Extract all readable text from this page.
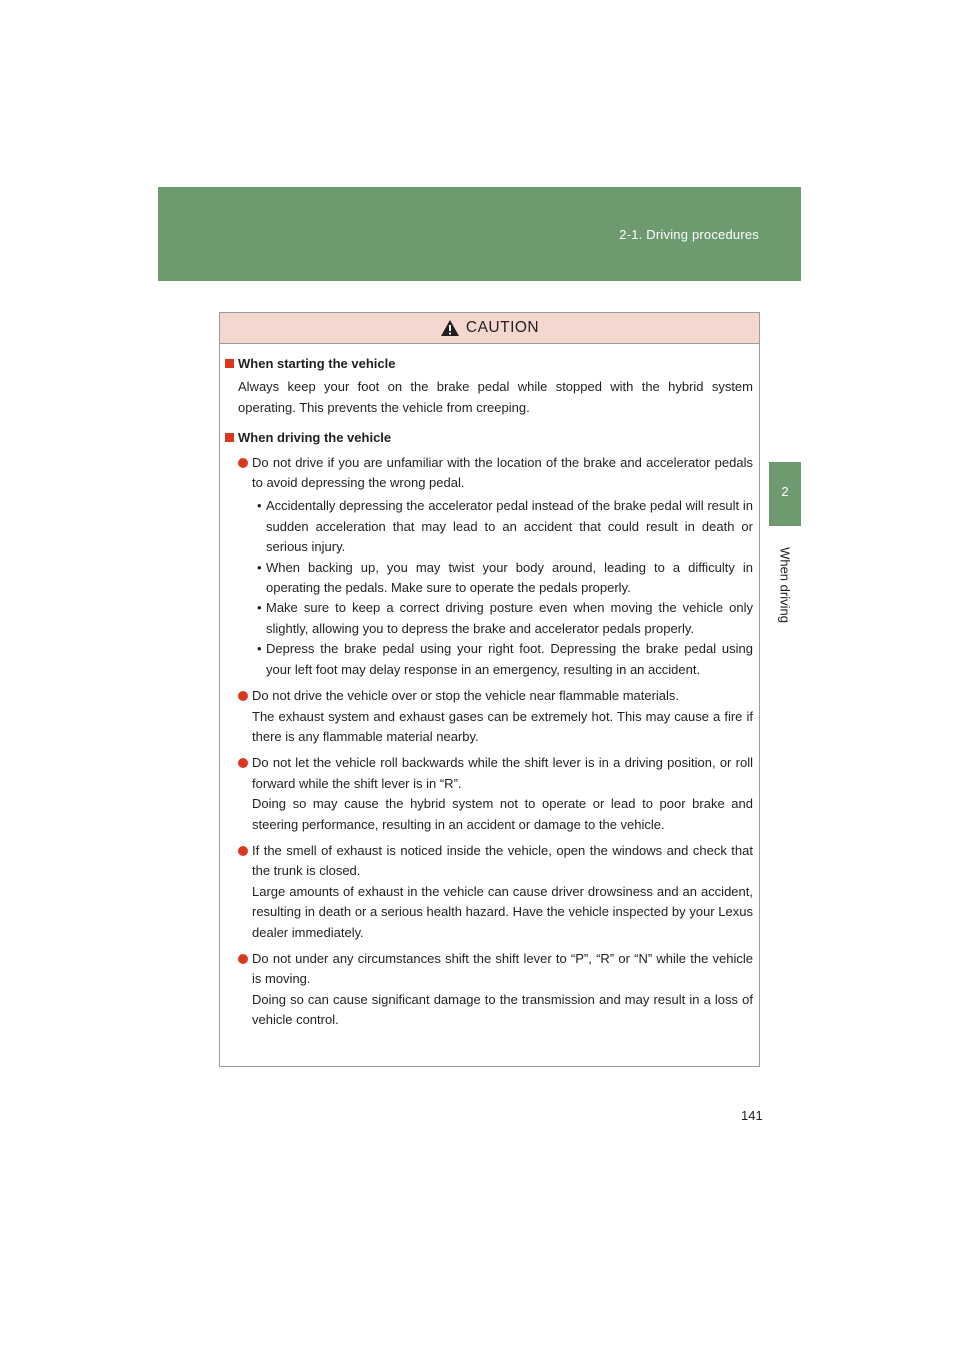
2-1. Driving procedures
2
When driving
CAUTION
When starting the vehicle
Always keep your foot on the brake pedal while stopped with the hybrid system operating. This prevents the vehicle from creeping.
When driving the vehicle
Do not drive if you are unfamiliar with the location of the brake and accelerator pedals to avoid depressing the wrong pedal.
• Accidentally depressing the accelerator pedal instead of the brake pedal will result in sudden acceleration that may lead to an accident that could result in death or serious injury.
• When backing up, you may twist your body around, leading to a difficulty in operating the pedals. Make sure to operate the pedals properly.
• Make sure to keep a correct driving posture even when moving the vehicle only slightly, allowing you to depress the brake and accelerator pedals properly.
• Depress the brake pedal using your right foot. Depressing the brake pedal using your left foot may delay response in an emergency, resulting in an accident.
Do not drive the vehicle over or stop the vehicle near flammable materials.
The exhaust system and exhaust gases can be extremely hot. This may cause a fire if there is any flammable material nearby.
Do not let the vehicle roll backwards while the shift lever is in a driving position, or roll forward while the shift lever is in “R”.
Doing so may cause the hybrid system not to operate or lead to poor brake and steering performance, resulting in an accident or damage to the vehicle.
If the smell of exhaust is noticed inside the vehicle, open the windows and check that the trunk is closed.
Large amounts of exhaust in the vehicle can cause driver drowsiness and an accident, resulting in death or a serious health hazard. Have the vehicle inspected by your Lexus dealer immediately.
Do not under any circumstances shift the shift lever to “P”, “R” or “N” while the vehicle is moving.
Doing so can cause significant damage to the transmission and may result in a loss of vehicle control.
141
